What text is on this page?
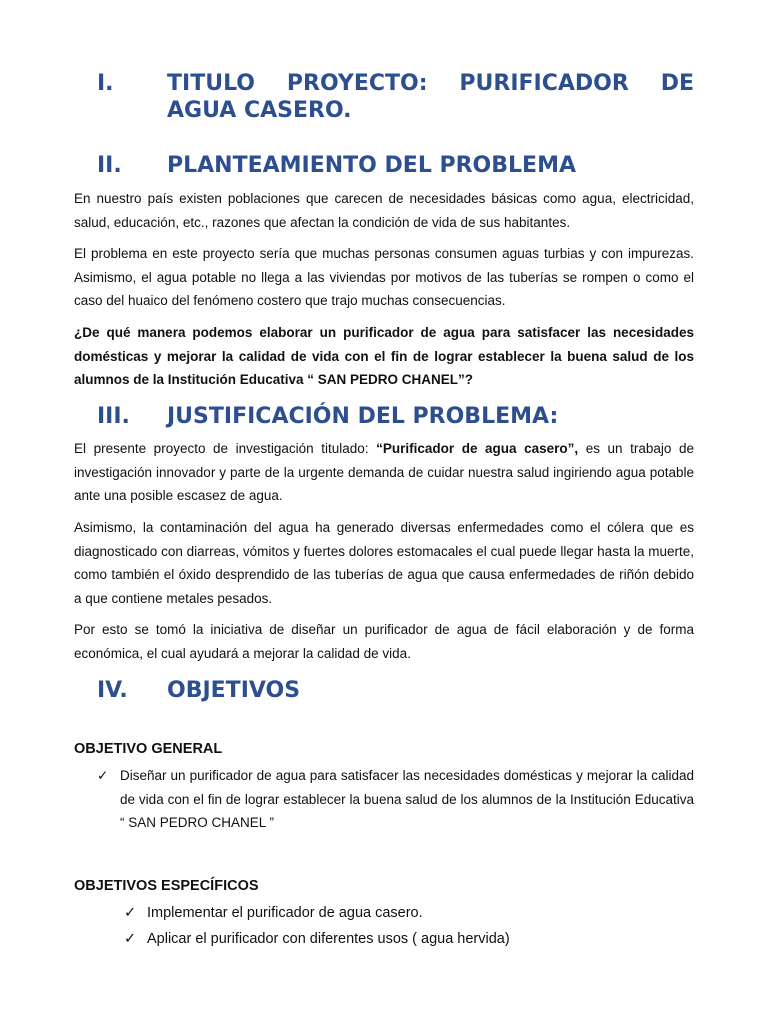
I. TITULO PROYECTO: PURIFICADOR DE AGUA CASERO.
II. PLANTEAMIENTO DEL PROBLEMA

En nuestro país existen poblaciones que carecen de necesidades básicas como agua, electricidad, salud, educación, etc., razones que afectan la condición de vida de sus habitantes.

El problema en este proyecto sería que muchas personas consumen aguas turbias y con impurezas. Asimismo, el agua potable no llega a las viviendas por motivos de las tuberías se rompen o como el caso del huaico del fenómeno costero que trajo muchas consecuencias.

¿De qué manera podemos elaborar un purificador de agua para satisfacer las necesidades domésticas y mejorar la calidad de vida con el fin de lograr establecer la buena salud de los alumnos de la Institución Educativa “ SAN PEDRO CHANEL”?

III. JUSTIFICACIÓN DEL PROBLEMA:

El presente proyecto de investigación titulado: “Purificador de agua casero”, es un trabajo de investigación innovador y parte de la urgente demanda de cuidar nuestra salud ingiriendo agua potable ante una posible escasez de agua.

Asimismo, la contaminación del agua ha generado diversas enfermedades como el cólera que es diagnosticado con diarreas, vómitos y fuertes dolores estomacales el cual puede llegar hasta la muerte, como también el óxido desprendido de las tuberías de agua que causa enfermedades de riñón debido a que contiene metales pesados.

Por esto se tomó la iniciativa de diseñar un purificador de agua de fácil elaboración y de forma económica, el cual ayudará a mejorar la calidad de vida.

IV. OBJETIVOS
OBJETIVO GENERAL
✓ Diseñar un purificador de agua para satisfacer las necesidades domésticas y mejorar la calidad de vida con el fin de lograr establecer la buena salud de los alumnos de la Institución Educativa “ SAN PEDRO CHANEL ”
OBJETIVOS ESPECÍFICOS
✓ Implementar el purificador de agua casero.
✓ Aplicar el purificador con diferentes usos ( agua hervida)
